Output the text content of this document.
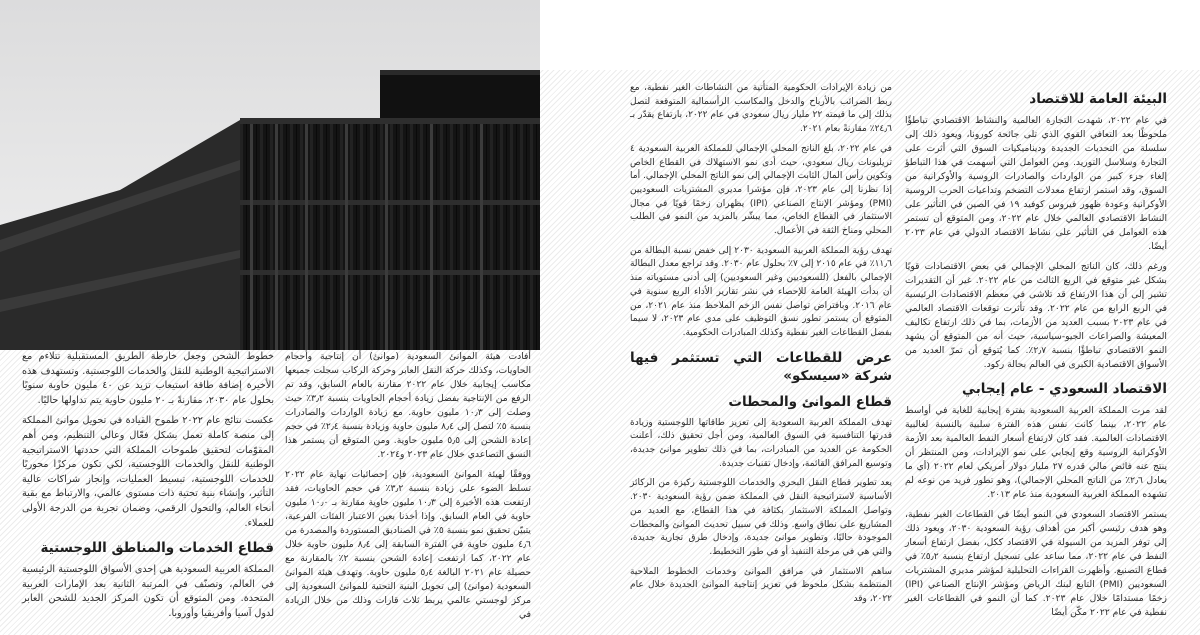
البيئة العامة للاقتصاد

في عام ٢٠٢٢، شهدت التجارة العالمية والنشاط الاقتصادي تباطؤًا ملحوظًا بعد التعافي القوي الذي تلى جائحة كورونا، ويعود ذلك إلى سلسلة من التحديات الجديدة وديناميكيات السوق التي أثرت على التجارة وسلاسل التوريد. ومن العوامل التي أسهمت في هذا التباطؤ إلغاء جزء كبير من الواردات والصادرات الروسية والأوكرانية من السوق، وقد استمر ارتفاع معدلات التضخم وتداعيات الحرب الروسية الأوكرانية وعودة ظهور فيروس كوفيد ١٩ في الصين في التأثير على النشاط الاقتصادي العالمي خلال عام ٢٠٢٢، ومن المتوقع أن تستمر هذه العوامل في التأثير على نشاط الاقتصاد الدولي في عام ٢٠٢٣ أيضًا.

ورغم ذلك، كان الناتج المحلي الإجمالي في بعض الاقتصادات قويًا بشكل غير متوقع في الربع الثالث من عام ٢٠٢٢. غير أن التقديرات تشير إلى أن هذا الارتفاع قد تلاشى في معظم الاقتصادات الرئيسية في الربع الرابع من عام ٢٠٢٢. وقد تأثرت توقعات الاقتصاد العالمي في عام ٢٠٢٣ بسبب العديد من الأزمات، بما في ذلك ارتفاع تكاليف المعيشة والصراعات الجيو-سياسية، حيث أنه من المتوقع أن يشهد النمو الاقتصادي تباطؤًا بنسبة ٢٫٧٪. كما يُتوقع أن تمرّ العديد من الأسواق الاقتصادية الكبرى في العالم بحالة ركود.

الاقتصاد السعودي - عام إيجابي

لقد مرت المملكة العربية السعودية بفترة إيجابية للغاية في أواسط عام ٢٠٢٢، بينما كانت نفس هذه الفترة سلبية بالنسبة لغالبية الاقتصادات العالمية. فقد كان لارتفاع أسعار النفط العالمية بعد الأزمة الأوكرانية الروسية وقع إيجابي على نمو الإيرادات، ومن المنتظر أن ينتج عنه فائض مالي قدره ٢٧ مليار دولار أمريكي لعام ٢٠٢٢ (أي ما يعادل ٢٫٦٪ من الناتج المحلي الإجمالي)، وهو تطور فريد من نوعه لم تشهده المملكة العربية السعودية منذ عام ٢٠١٣.

يستمر الاقتصاد السعودي في النمو أيضًا في القطاعات الغير نفطية، وهو هدف رئيسي أكبر من أهداف رؤية السعودية ٢٠٣٠، ويعود ذلك إلى توفر المزيد من السيولة في الاقتصاد ككل، بفضل ارتفاع أسعار النفط في عام ٢٠٢٢، مما ساعد على تسجيل ارتفاع بنسبة ٥٫٢٪ في قطاع التصنيع. وأظهرت القراءات التحليلية لمؤشر مديري المشتريات السعوديين (PMI) التابع لبنك الرياض ومؤشر الإنتاج الصناعي (IPI) زخمًا مستدامًا خلال عام ٢٠٢٣. كما أن النمو في القطاعات الغير نفطية في عام ٢٠٢٢ مكّن أيضًا

من زيادة الإيرادات الحكومية المتأتية من النشاطات الغير نفطية، مع ربط الضرائب بالأرباح والدخل والمكاسب الرأسمالية المتوقعة لتصل بذلك إلى ما قيمته ٢٢ مليار ريال سعودي في عام ٢٠٢٢، بارتفاع يقدّر بـ ٢٤٫٦٪ مقارنةً بعام ٢٠٢١.

في عام ٢٠٢٢، بلغ الناتج المحلي الإجمالي للمملكة العربية السعودية ٤ تريليونات ريال سعودي، حيث أدى نمو الاستهلاك في القطاع الخاص وتكوين رأس المال الثابت الإجمالي إلى نمو الناتج المحلي الإجمالي. أما إذا نظرنا إلى عام ٢٠٢٣، فإن مؤشرا مديري المشتريات السعوديين (PMI) ومؤشر الإنتاج الصناعي (IPI) يظهران زخمًا قويًا في مجال الاستثمار في القطاع الخاص، مما يبشّر بالمزيد من النمو في الطلب المحلي ومناخ الثقة في الأعمال.

تهدف رؤية المملكة العربية السعودية ٢٠٣٠ إلى خفض نسبة البطالة من ١١٫٦٪ في عام ٢٠١٥ إلى ٧٪ بحلول عام ٢٠٣٠. وقد تراجع معدل البطالة الإجمالي بالفعل (للسعوديين وغير السعوديين) إلى أدنى مستوياته منذ أن بدأت الهيئة العامة للإحصاء في نشر تقارير الأداء الربع سنوية في عام ٢٠١٦. وبافتراض تواصل نفس الزخم الملاحظ منذ عام ٢٠٢١، من المتوقع أن يستمر تطور نسق التوظيف على مدى عام ٢٠٢٣، لا سيما بفضل القطاعات الغير نفطية وكذلك المبادرات الحكومية.

عرض للقطاعات التي تستثمر فيها شركة «سيسكو»
قطاع الموانئ والمحطات

تهدف المملكة العربية السعودية إلى تعزيز طاقاتها اللوجستية وزيادة قدرتها التنافسية في السوق العالمية، ومن أجل تحقيق ذلك، أعلنت الحكومة عن العديد من المبادرات، بما في ذلك تطوير موانئ جديدة، وتوسيع المرافق القائمة، وإدخال تقنيات جديدة.

يعد تطوير قطاع النقل البحري والخدمات اللوجستية ركيزة من الركائز الأساسية لاستراتيجية النقل في المملكة ضمن رؤية السعودية ٢٠٣٠. وتواصل المملكة الاستثمار بكثافة في هذا القطاع، مع العديد من المشاريع على نطاق واسع. وذلك في سبيل تحديث الموانئ والمحطات الموجودة حاليًا، وتطوير موانئ جديدة، وإدخال طرق تجارية جديدة، والتي هي في مرحلة التنفيذ أو في طور التخطيط.

ساهم الاستثمار في مرافق الموانئ وخدمات الخطوط الملاحية المنتظمة بشكل ملحوظ في تعزيز إنتاجية الموانئ الجديدة خلال عام ٢٠٢٢، وقد

أفادت هيئة الموانئ السعودية (موانئ) أن إنتاجية وأحجام الحاويات، وكذلك حركة النقل العابر وحركة الركاب سجلت جميعها مكاسب إيجابية خلال عام ٢٠٢٢ مقارنة بالعام السابق، وقد تم الرفع من الإنتاجية بفضل زيادة أحجام الحاويات بنسبة ٣٫٢٪ حيث وصلت إلى ١٠٫٣ مليون حاوية. مع زيادة الواردات والصادرات بنسبة ٥٪ لتصل إلى ٨٫٤ مليون حاوية وزيادة بنسبة ٢٫٤٪ في حجم إعادة الشحن إلى ٥٫٥ مليون حاوية. ومن المتوقع أن يستمر هذا النسق التصاعدي خلال عام ٢٠٢٣ و٢٠٢٤.

ووفقًا لهيئة الموانئ السعودية، فإن إحصائيات نهاية عام ٢٠٢٢ تسلط الضوء على زيادة بنسبة ٣٫٢٪ في حجم الحاويات، فقد ارتفعت هذه الأخيرة إلى ١٠٫٣ مليون حاوية مقارنة بـ ١٠٫٠ مليون حاوية في العام السابق. وإذا أخذنا بعين الاعتبار الفئات الفرعية، يتبيّن تحقيق نمو بنسبة ٥٪ في الصناديق المستوردة والمصدرة من ٤٫٦ مليون حاوية في الفترة السابقة إلى ٨٫٤ مليون حاوية خلال عام ٢٠٢٢، كما ارتفعت إعادة الشحن بنسبة ٢٪ بالمقارنة مع حصيلة عام ٢٠٢١ البالغة ٥٫٤ مليون حاوية. وتهدف هيئة الموانئ السعودية (موانئ) إلى تحويل البنية التحتية للموانئ السعودية إلى مركز لوجستي عالمي يربط ثلاث قارات وذلك من خلال الزيادة في

خطوط الشحن وجعل خارطة الطريق المستقبلية تتلاءم مع الاستراتيجية الوطنية للنقل والخدمات اللوجستية. وتستهدف هذه الأخيرة إضافة طاقة استيعاب تزيد عن ٤٠ مليون حاوية سنويًا بحلول عام ٢٠٣٠، مقارنةً بـ ٢٠ مليون حاوية يتم تداولها حاليًا.

عكست نتائج عام ٢٠٢٢ طموح القيادة في تحويل موانئ المملكة إلى منصة كاملة تعمل بشكل فعّال وعالي التنظيم، ومن أهم المقوّمات لتحقيق طموحات المملكة التي حددتها الاستراتيجية الوطنية للنقل والخدمات اللوجستية، لكي تكون مركزًا محوريًا للخدمات اللوجستية، تبسيط العمليات، وإنجاز شراكات عالية التأثير، وإنشاء بنية تحتية ذات مستوى عالمي، والارتباط مع بقية أنحاء العالم، والتحول الرقمي، وضمان تجربة من الدرجة الأولى للعملاء.

قطاع الخدمات والمناطق اللوجستية

المملكة العربية السعودية هي إحدى الأسواق اللوجستية الرئيسية في العالم، وتصنّف في المرتبة الثانية بعد الإمارات العربية المتحدة. ومن المتوقع أن تكون المركز الجديد للشحن العابر لدول آسيا وأفريقيا وأوروبا.
